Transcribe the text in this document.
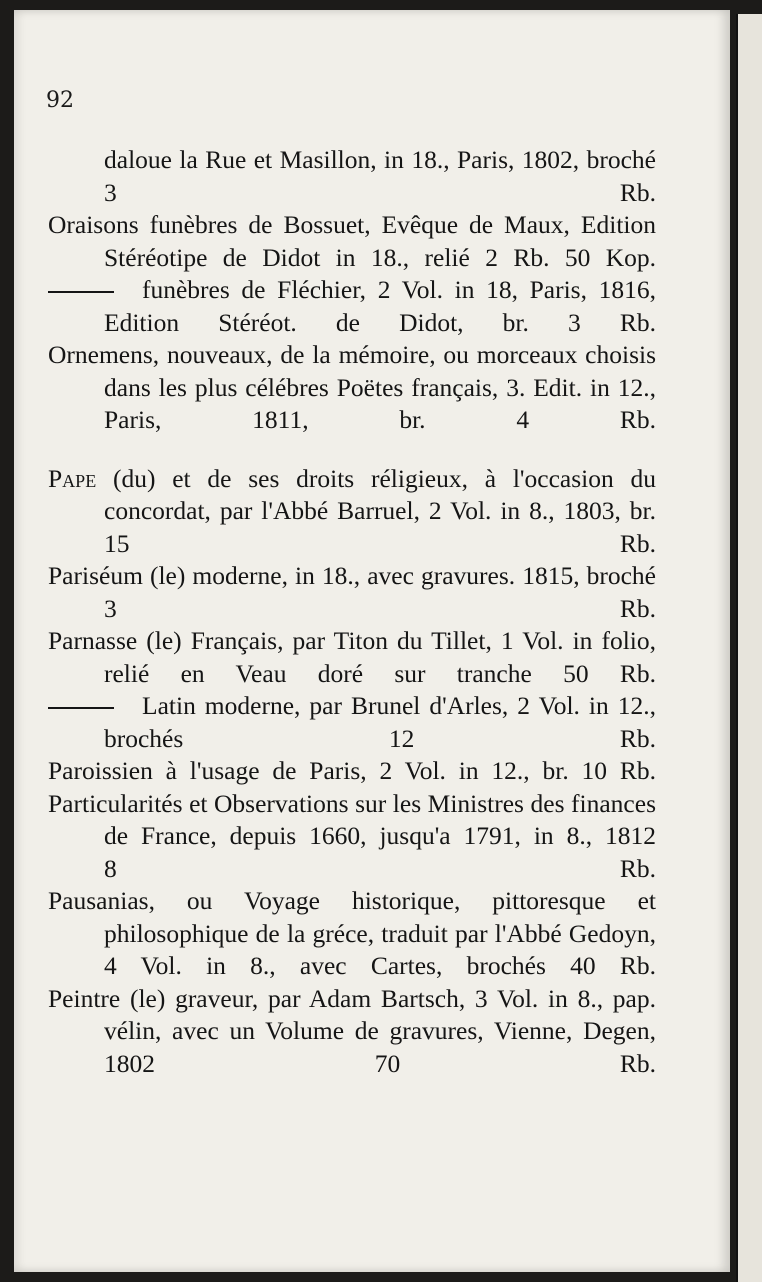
92

daloue la Rue et Masillon, in 18., Paris, 1802, broché 3 Rb.

Oraisons funèbres de Bossuet, Evêque de Maux, Edition Stéréotipe de Didot in 18., relié 2 Rb. 50 Kop.

funèbres de Fléchier, 2 Vol. in 18, Paris, 1816, Edition Stéréot. de Didot, br. 3 Rb.

Ornemens, nouveaux, de la mémoire, ou morceaux choisis dans les plus célébres Poëtes français, 3. Edit. in 12., Paris, 1811, br.	4 Rb.

Pape (du) et de ses droits réligieux, à l'occasion du concordat, par l'Abbé Barruel, 2 Vol. in 8., 1803, br. 15 Rb.

Pariséum (le) moderne, in 18., avec gravures. 1815, broché 3 Rb.

Parnasse (le) Français, par Titon du Tillet, 1 Vol. in folio, relié en Veau doré sur tranche 50 Rb.

Latin moderne, par Brunel d'Arles, 2 Vol. in 12., brochés	12 Rb.

Paroissien à l'usage de Paris, 2 Vol. in 12., br. 10 Rb.

Particularités et Observations sur les Ministres des finances de France, depuis 1660, jusqu'a 1791, in 8., 1812 8 Rb.

Pausanias, ou Voyage historique, pittoresque et philosophique de la gréce, traduit par l'Abbé Gedoyn, 4 Vol. in 8., avec Cartes, brochés 40 Rb.

Peintre (le) graveur, par Adam Bartsch, 3 Vol. in 8., pap. vélin, avec un Volume de gravures, Vienne, Degen, 1802	70 Rb.
